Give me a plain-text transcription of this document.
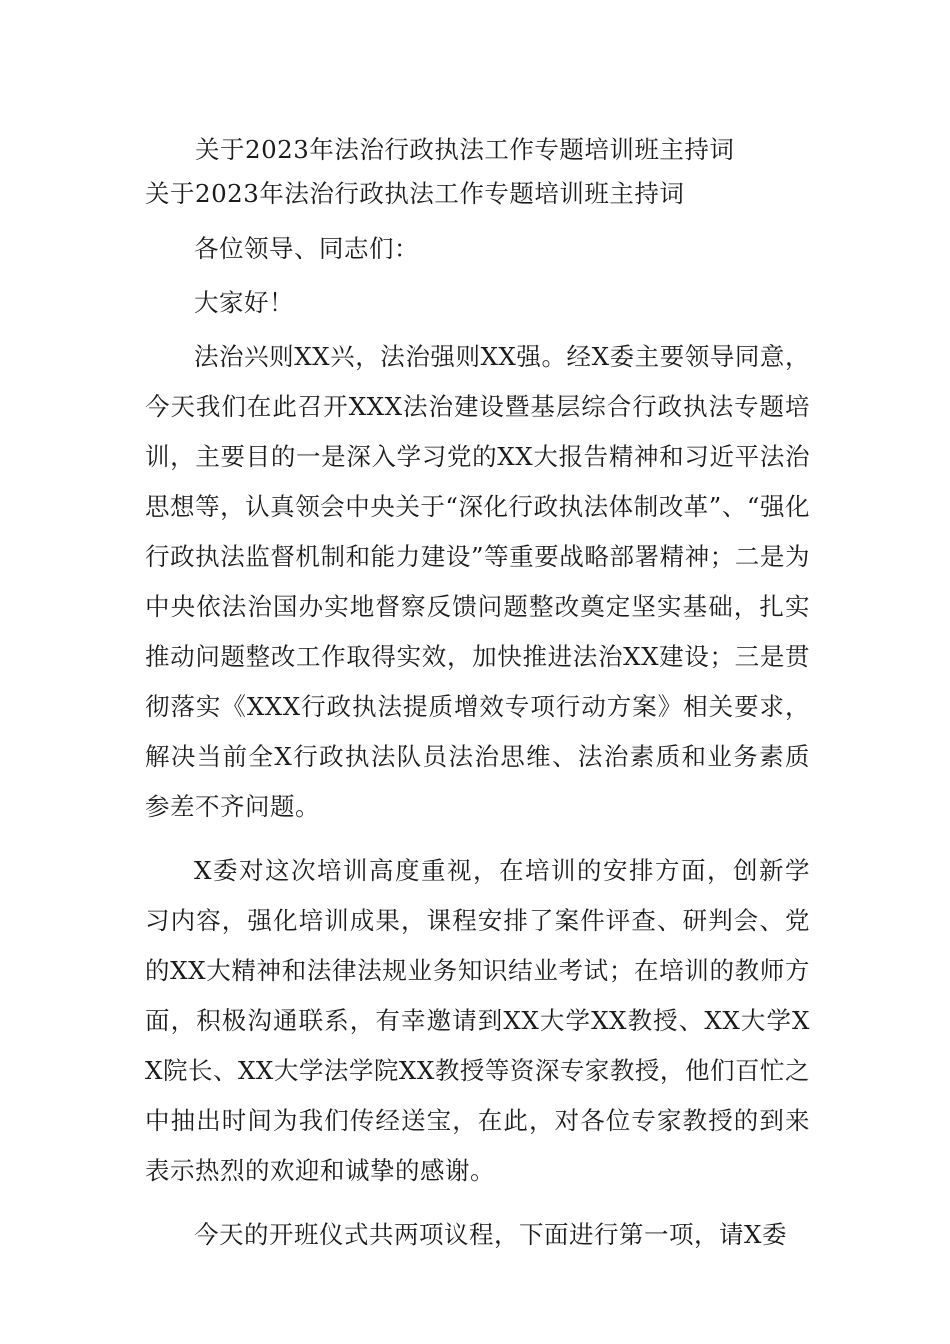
关于2023年法治行政执法工作专题培训班主持词
关于2023年法治行政执法工作专题培训班主持词

各位领导、同志们：

大家好！

法治兴则XX兴，法治强则XX强。经X委主要领导同意，今天我们在此召开XXX法治建设暨基层综合行政执法专题培训，主要目的一是深入学习党的XX大报告精神和习近平法治思想等，认真领会中央关于“深化行政执法体制改革”、“强化行政执法监督机制和能力建设”等重要战略部署精神；二是为中央依法治国办实地督察反馈问题整改奠定坚实基础，扎实推动问题整改工作取得实效，加快推进法治XX建设；三是贯彻落实《XXX行政执法提质增效专项行动方案》相关要求，解决当前全X行政执法队员法治思维、法治素质和业务素质参差不齐问题。

X委对这次培训高度重视，在培训的安排方面，创新学习内容，强化培训成果，课程安排了案件评查、研判会、党的XX大精神和法律法规业务知识结业考试；在培训的教师方面，积极沟通联系，有幸邀请到XX大学XX教授、XX大学XX院长、XX大学法学院XX教授等资深专家教授，他们百忙之中抽出时间为我们传经送宝，在此，对各位专家教授的到来表示热烈的欢迎和诚挚的感谢。

今天的开班仪式共两项议程，下面进行第一项，请X委
